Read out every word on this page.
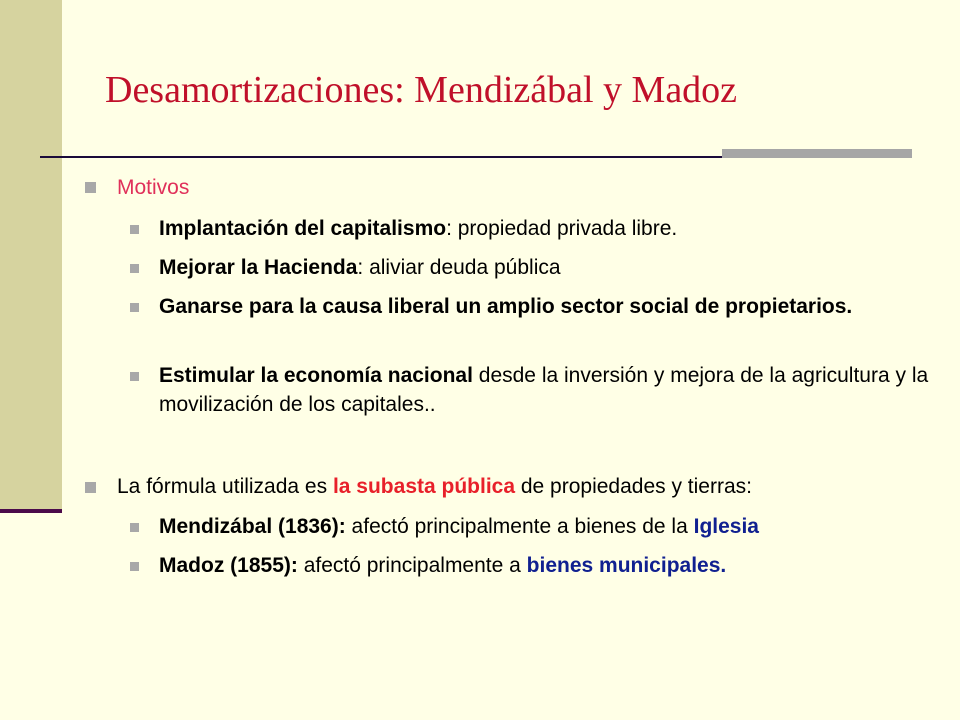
Desamortizaciones: Mendizábal y Madoz
Motivos
Implantación del capitalismo: propiedad privada libre.
Mejorar la Hacienda: aliviar deuda pública
Ganarse para la causa liberal un amplio sector social de propietarios.
Estimular la economía nacional desde la inversión y mejora de la agricultura y la movilización de los capitales..
La fórmula utilizada es la subasta pública de propiedades y tierras:
Mendizábal (1836): afectó principalmente a bienes de la Iglesia
Madoz (1855): afectó principalmente a bienes municipales.
